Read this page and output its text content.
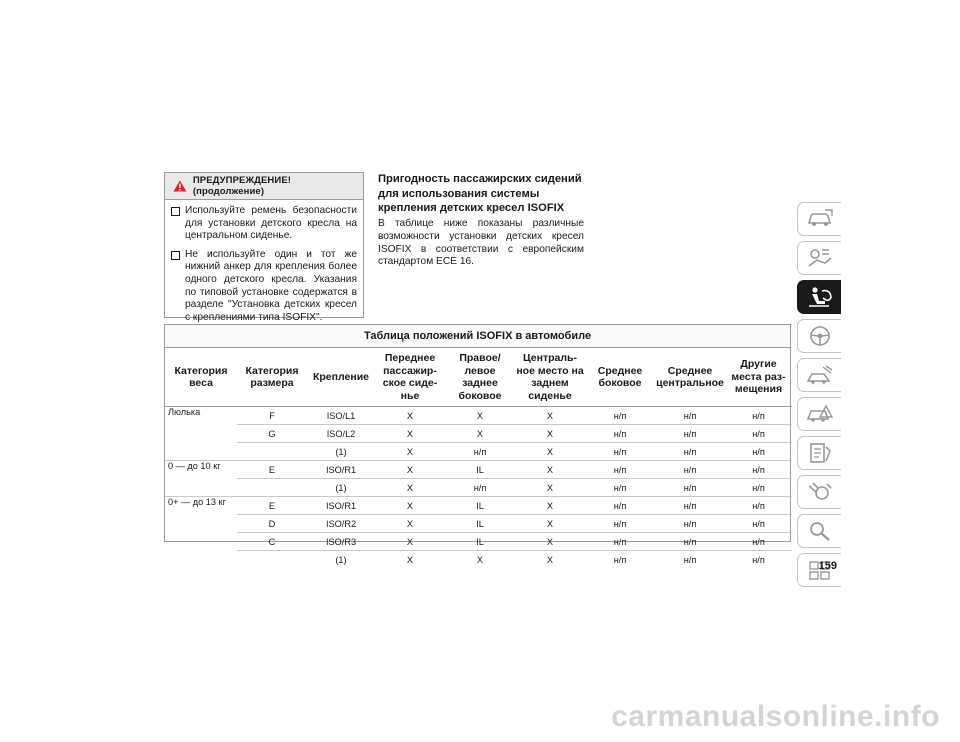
ПРЕДУПРЕЖДЕНИЕ! (продолжение)
Используйте ремень безопасности для установки детского кресла на центральном сиденье.
Не используйте один и тот же нижний анкер для крепления более одного детского кресла. Указания по типовой установке содержатся в разделе "Установка детских кресел с креплениями типа ISOFIX".
Пригодность пассажирских сидений для использования системы крепления детских кресел ISOFIX
В таблице ниже показаны различные возможности установки детских кресел ISOFIX в соответствии с европейским стандартом ECE 16.
Таблица положений ISOFIX в автомобиле
Категория веса	Категория размера	Крепление	Переднее пассажирское сиденье	Правое/ левое заднее боковое	Центральное место на заднем сиденье	Среднее боковое	Среднее центральное	Другие места размещения
Люлька	F	ISO/L1	X	X	X	н/п	н/п	н/п
	G	ISO/L2	X	X	X	н/п	н/п	н/п
		(1)	X	н/п	X	н/п	н/п	н/п
0 — до 10 кг	E	ISO/R1	X	IL	X	н/п	н/п	н/п
		(1)	X	н/п	X	н/п	н/п	н/п
0+ — до 13 кг	E	ISO/R1	X	IL	X	н/п	н/п	н/п
	D	ISO/R2	X	IL	X	н/п	н/п	н/п
	C	ISO/R3	X	IL	X	н/п	н/п	н/п
		(1)	X	X	X	н/п	н/п	н/п
159
carmanualsonline.info
